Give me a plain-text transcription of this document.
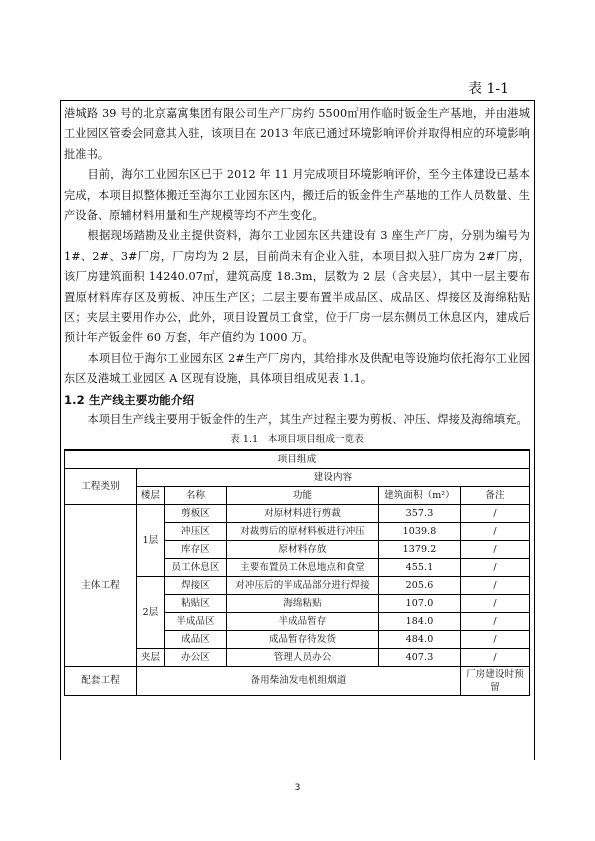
表 1-1

港城路 39 号的北京嘉寓集团有限公司生产厂房约 5500㎡用作临时钣金生产基地，并由港城工业园区管委会同意其入驻，该项目在 2013 年底已通过环境影响评价并取得相应的环境影响批准书。

目前，海尔工业园东区已于 2012 年 11 月完成项目环境影响评价，至今主体建设已基本完成，本项目拟整体搬迁至海尔工业园东区内，搬迁后的钣金件生产基地的工作人员数量、生产设备、原辅材料用量和生产规模等均不产生变化。

根据现场踏勘及业主提供资料，海尔工业园东区共建设有 3 座生产厂房，分别为编号为 1#、2#、3#厂房，厂房均为 2 层，目前尚未有企业入驻，本项目拟入驻厂房为 2#厂房，该厂房建筑面积 14240.07㎡，建筑高度 18.3m，层数为 2 层（含夹层），其中一层主要布置原材料库存区及剪板、冲压生产区；二层主要布置半成品区、成品区、焊接区及海绵粘贴区；夹层主要用作办公，此外，项目设置员工食堂，位于厂房一层东侧员工休息区内，建成后预计年产钣金件 60 万套，年产值约为 1000 万。

本项目位于海尔工业园东区 2#生产厂房内，其给排水及供配电等设施均依托海尔工业园东区及港城工业园区 A 区现有设施，具体项目组成见表 1.1。

1.2 生产线主要功能介绍

本项目生产线主要用于钣金件的生产，其生产过程主要为剪板、冲压、焊接及海绵填充。

表 1.1　本项目项目组成一览表
项目组成					
工程类别	建设内容				
	楼层	名称	功能	建筑面积（m²）	备注
主体工程	1层	剪板区	对原材料进行剪裁	357.3	/
		冲压区	对裁剪后的原材料板进行冲压	1039.8	/
		库存区	原材料存放	1379.2	/
		员工休息区	主要布置员工休息地点和食堂	455.1	/
	2层	焊接区	对冲压后的半成品部分进行焊接	205.6	/
		粘贴区	海绵粘贴	107.0	/
		半成品区	半成品暂存	184.0	/
		成品区	成品暂存待发货	484.0	/
	夹层	办公区	管理人员办公	407.3	/
配套工程	备用柴油发电机组烟道				厂房建设时预留
3
